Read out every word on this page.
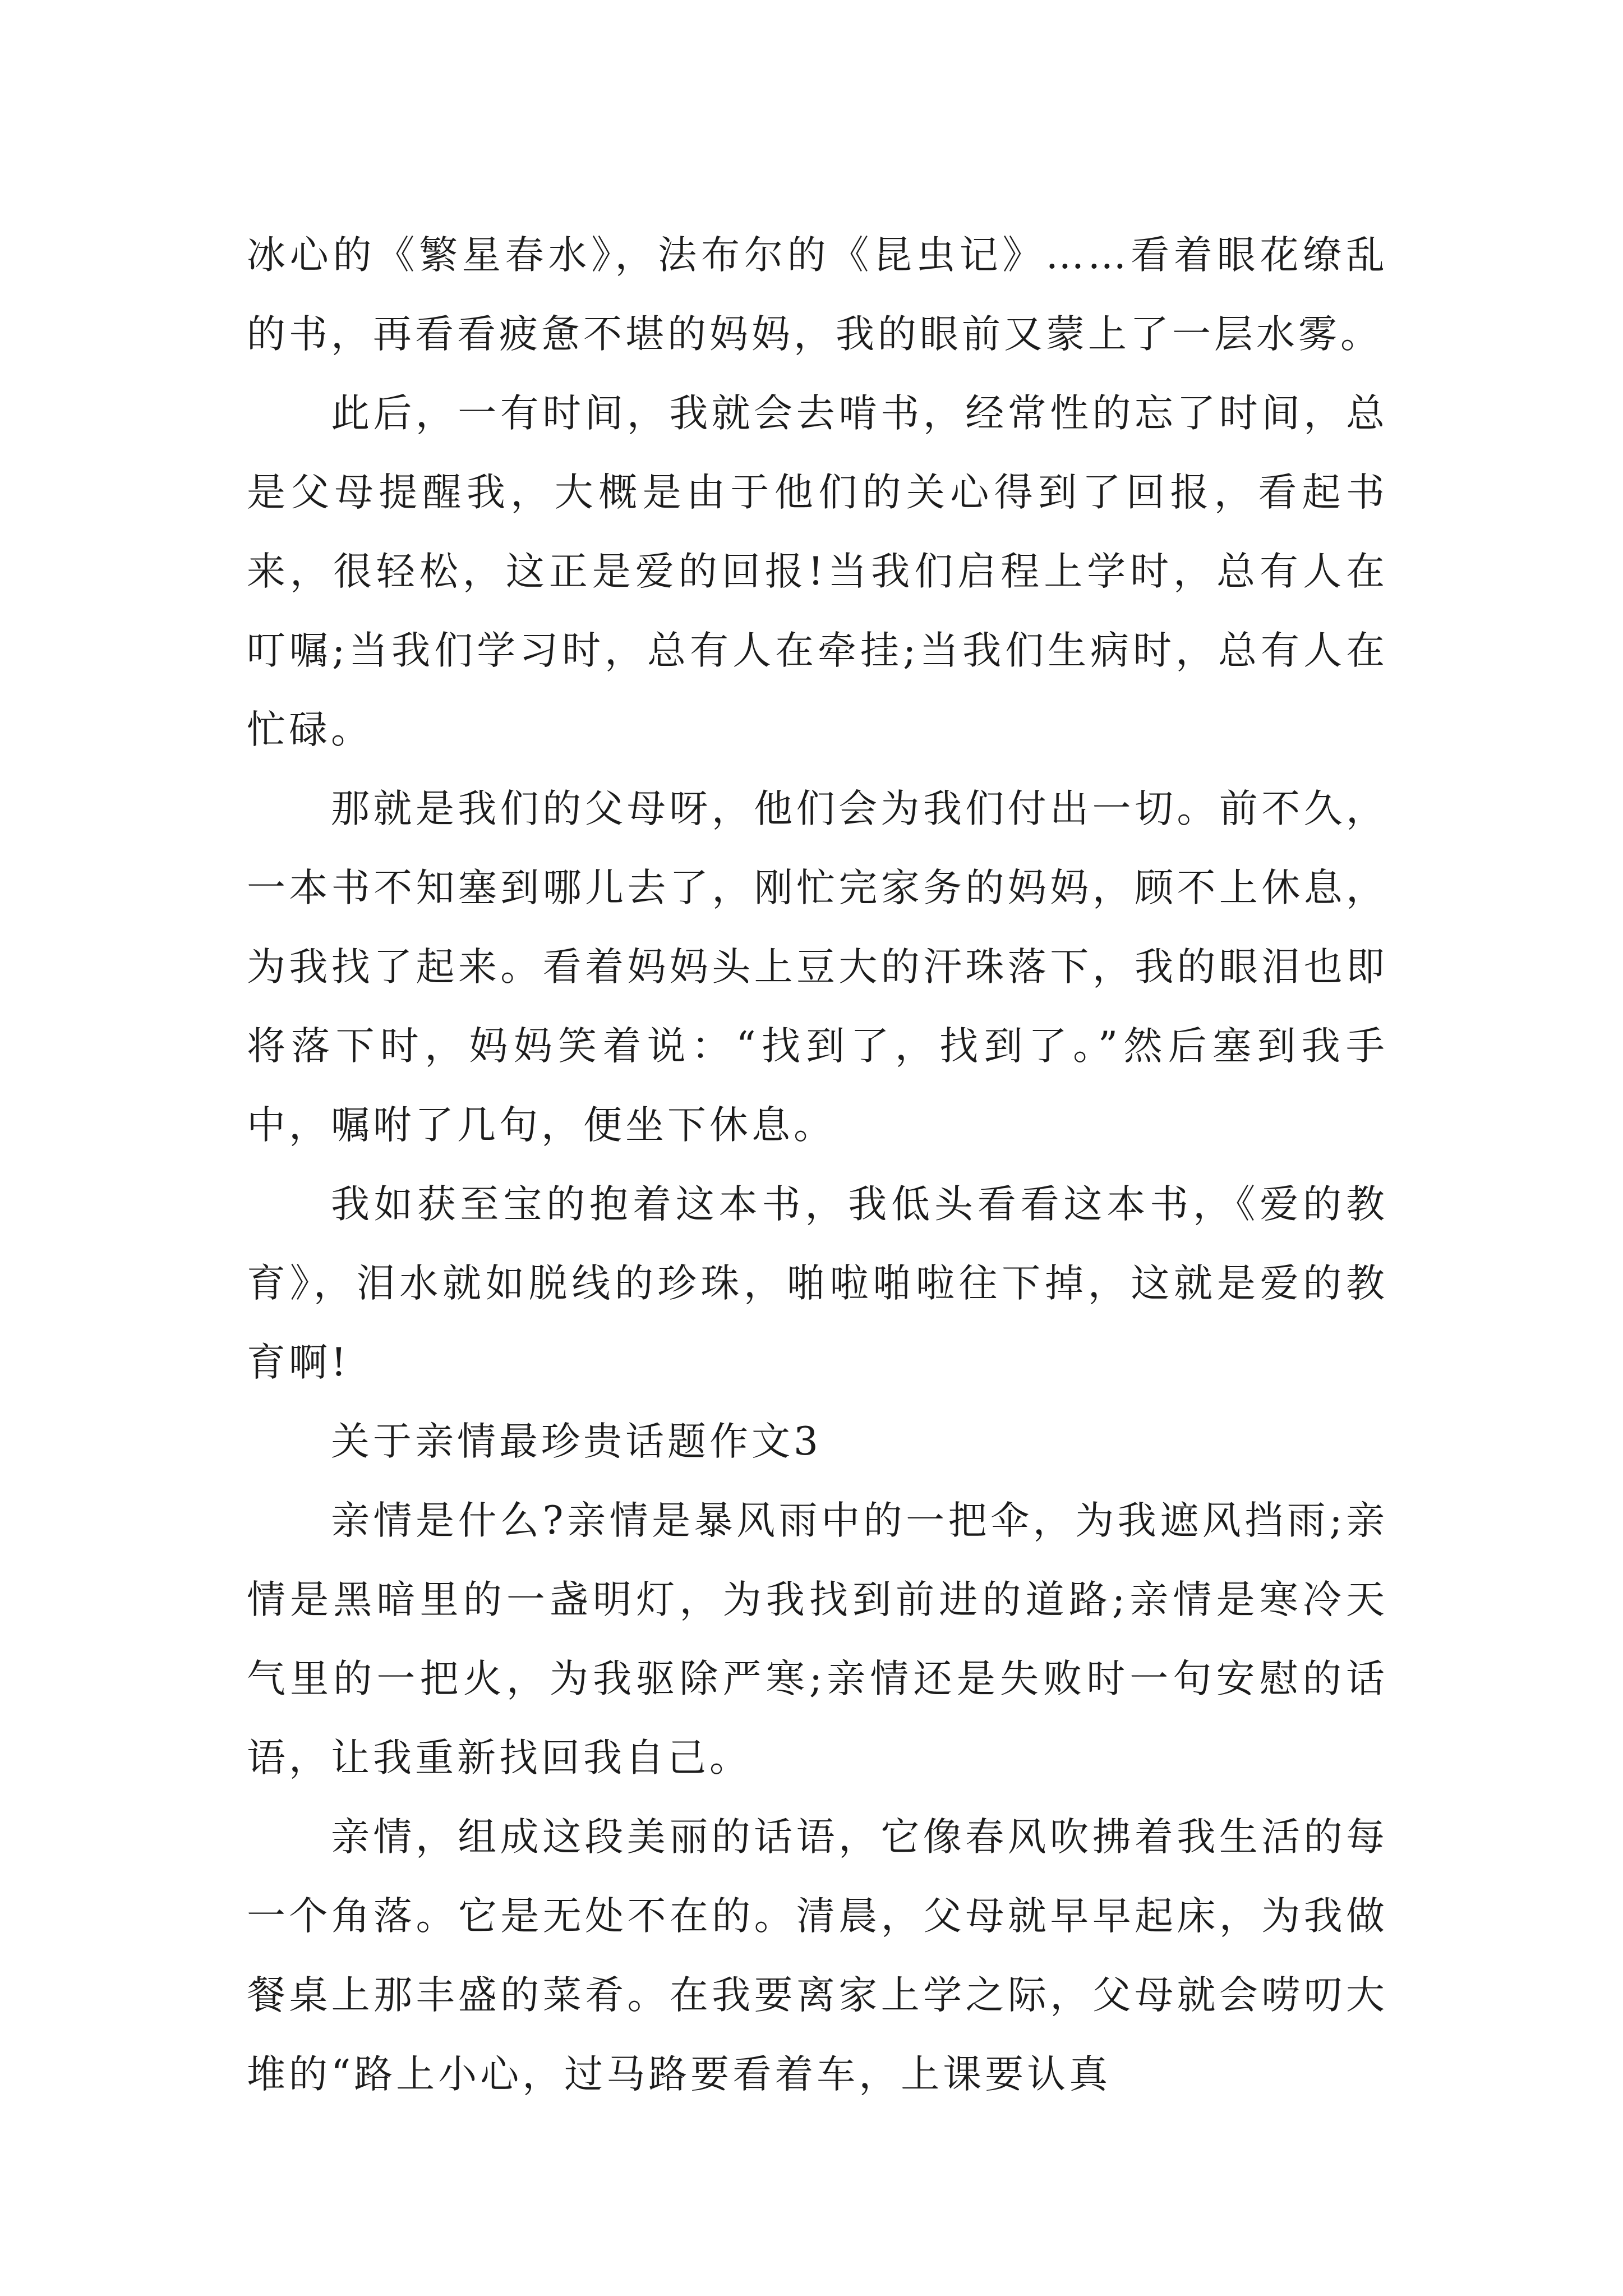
冰心的《繁星春水》，法布尔的《昆虫记》……看着眼花缭乱的书，再看看疲惫不堪的妈妈，我的眼前又蒙上了一层水雾。

此后，一有时间，我就会去啃书，经常性的忘了时间，总是父母提醒我，大概是由于他们的关心得到了回报，看起书来，很轻松，这正是爱的回报!当我们启程上学时，总有人在叮嘱;当我们学习时，总有人在牵挂;当我们生病时，总有人在忙碌。

那就是我们的父母呀，他们会为我们付出一切。前不久，一本书不知塞到哪儿去了，刚忙完家务的妈妈，顾不上休息，为我找了起来。看着妈妈头上豆大的汗珠落下，我的眼泪也即将落下时，妈妈笑着说：“找到了，找到了。”然后塞到我手中，嘱咐了几句，便坐下休息。

我如获至宝的抱着这本书，我低头看看这本书，《爱的教育》，泪水就如脱线的珍珠，啪啦啪啦往下掉，这就是爱的教育啊!

关于亲情最珍贵话题作文3

亲情是什么?亲情是暴风雨中的一把伞，为我遮风挡雨;亲情是黑暗里的一盏明灯，为我找到前进的道路;亲情是寒冷天气里的一把火，为我驱除严寒;亲情还是失败时一句安慰的话语，让我重新找回我自己。

亲情，组成这段美丽的话语，它像春风吹拂着我生活的每一个角落。它是无处不在的。清晨，父母就早早起床，为我做餐桌上那丰盛的菜肴。在我要离家上学之际，父母就会唠叨大堆的“路上小心，过马路要看着车，上课要认真
